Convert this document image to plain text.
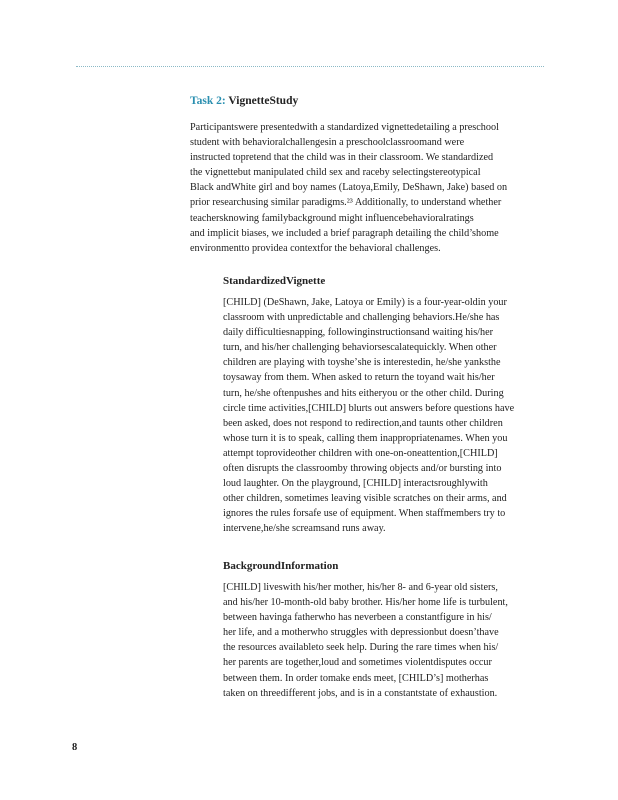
Task 2: VignetteStudy
Participantswere presentedwith a standardized vignettedetailing a preschool
student with behavioralchallengesin a preschoolclassroomand were
instructed topretend that the child was in their classroom. We standardized
the vignettebut manipulated child sex and raceby selectingstereotypical
Black andWhite girl and boy names (Latoya,Emily, DeShawn, Jake) based on
prior researchusing similar paradigms.²³ Additionally, to understand whether
teachersknowing familybackground might influencebehavioralratings
and implicit biases, we included a brief paragraph detailing the child’shome
environmentto providea contextfor the behavioral challenges.
StandardizedVignette
[CHILD] (DeShawn, Jake, Latoya or Emily) is a four-year-oldin your
classroom with unpredictable and challenging behaviors.He/she has
daily difficultiesnapping, followinginstructionsand waiting his/her
turn, and his/her challenging behaviorsescalatequickly. When other
children are playing with toysheʼshe is interestedin, he/she yanksthe
toysaway from them. When asked to return the toyand wait his/her
turn, he/she oftenpushes and hits eitheryou or the other child. During
circle time activities,[CHILD] blurts out answers before questions have
been asked, does not respond to redirection,and taunts other children
whose turn it is to speak, calling them inappropriatenames. When you
attempt toprovideother children with one-on-oneattention,[CHILD]
often disrupts the classroomby throwing objects and/or bursting into
loud laughter. On the playground, [CHILD] interactsroughlywith
other children, sometimes leaving visible scratches on their arms, and
ignores the rules forsafe use of equipment. When staffmembers try to
intervene,he/she screamsand runs away.
BackgroundInformation
[CHILD] liveswith his/her mother, his/her 8- and 6-year old sisters,
and his/her 10-month-old baby brother. His/her home life is turbulent,
between havinga fatherwho has neverbeen a constantfigure in his/
her life, and a motherwho struggles with depressionbut doesn’thave
the resources availableto seek help. During the rare times when his/
her parents are together,loud and sometimes violentdisputes occur
between them. In order tomake ends meet, [CHILD’s] motherhas
taken on threedifferent jobs, and is in a constantstate of exhaustion.
8
